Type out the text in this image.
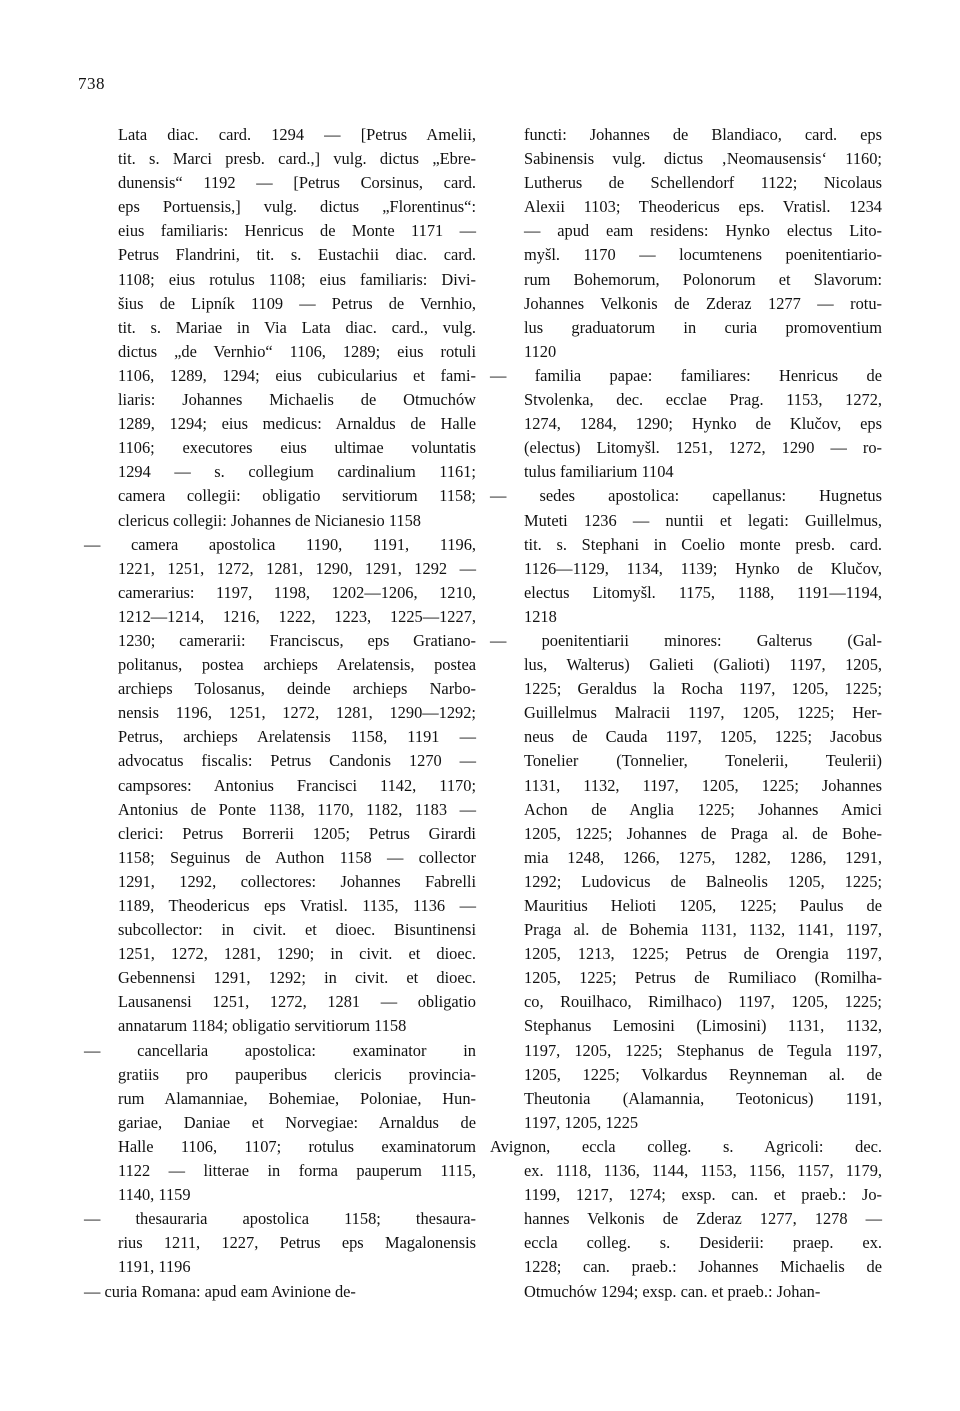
738
Lata diac. card. 1294 — [Petrus Amelii,
tit. s. Marci presb. card.,] vulg. dictus „Ebre-
dunensis“ 1192 — [Petrus Corsinus, card.
eps Portuensis,] vulg. dictus „Florentinus“:
eius familiaris: Henricus de Monte 1171 —
Petrus Flandrini, tit. s. Eustachii diac. card.
1108; eius rotulus 1108; eius familiaris: Divi-
šius de Lipník 1109 — Petrus de Vernhio,
tit. s. Mariae in Via Lata diac. card., vulg.
dictus „de Vernhio“ 1106, 1289; eius rotuli
1106, 1289, 1294; eius cubicularius et fami-
liaris: Johannes Michaelis de Otmuchów
1289, 1294; eius medicus: Arnaldus de Halle
1106; executores eius ultimae voluntatis
1294 — s. collegium cardinalium 1161;
camera collegii: obligatio servitiorum 1158;
clericus collegii: Johannes de Nicianesio 1158
— camera apostolica 1190, 1191, 1196,
1221, 1251, 1272, 1281, 1290, 1291, 1292 —
camerarius: 1197, 1198, 1202—1206, 1210,
1212—1214, 1216, 1222, 1223, 1225—1227,
1230; camerarii: Franciscus, eps Gratiano-
politanus, postea archieps Arelatensis, postea
archieps Tolosanus, deinde archieps Narbo-
nensis 1196, 1251, 1272, 1281, 1290—1292;
Petrus, archieps Arelatensis 1158, 1191 —
advocatus fiscalis: Petrus Candonis 1270 —
campsores: Antonius Francisci 1142, 1170;
Antonius de Ponte 1138, 1170, 1182, 1183 —
clerici: Petrus Borrerii 1205; Petrus Girardi
1158; Seguinus de Authon 1158 — collector
1291, 1292, collectores: Johannes Fabrelli
1189, Theodericus eps Vratisl. 1135, 1136 —
subcollector: in civit. et dioec. Bisuntinensi
1251, 1272, 1281, 1290; in civit. et dioec.
Gebennensi 1291, 1292; in civit. et dioec.
Lausanensi 1251, 1272, 1281 — obligatio
annatarum 1184; obligatio servitiorum 1158
— cancellaria apostolica: examinator in
gratiis pro pauperibus clericis provincia-
rum Alamanniae, Bohemiae, Poloniae, Hun-
gariae, Daniae et Norvegiae: Arnaldus de
Halle 1106, 1107; rotulus examinatorum
1122 — litterae in forma pauperum 1115,
1140, 1159
— thesauraria apostolica 1158; thesaura-
rius 1211, 1227, Petrus eps Magalonensis
1191, 1196
— curia Romana: apud eam Avinione de-
functi: Johannes de Blandiaco, card. eps
Sabinensis vulg. dictus ‚Neomausensis‘ 1160;
Lutherus de Schellendorf 1122; Nicolaus
Alexii 1103; Theodericus eps. Vratisl. 1234
— apud eam residens: Hynko electus Lito-
myšl. 1170 — locumtenens poenitentiario-
rum Bohemorum, Polonorum et Slavorum:
Johannes Velkonis de Zderaz 1277 — rotu-
lus graduatorum in curia promoventium
1120
— familia papae: familiares: Henricus de
Stvolenka, dec. ecclae Prag. 1153, 1272,
1274, 1284, 1290; Hynko de Klučov, eps
(electus) Litomyšl. 1251, 1272, 1290 — ro-
tulus familiarium 1104
— sedes apostolica: capellanus: Hugnetus
Muteti 1236 — nuntii et legati: Guillelmus,
tit. s. Stephani in Coelio monte presb. card.
1126—1129, 1134, 1139; Hynko de Klučov,
electus Litomyšl. 1175, 1188, 1191—1194,
1218
— poenitentiarii minores: Galterus (Gal-
lus, Walterus) Galieti (Galioti) 1197, 1205,
1225; Geraldus la Rocha 1197, 1205, 1225;
Guillelmus Malracii 1197, 1205, 1225; Her-
neus de Cauda 1197, 1205, 1225; Jacobus
Tonelier (Tonnelier, Tonelerii, Teulerii)
1131, 1132, 1197, 1205, 1225; Johannes
Achon de Anglia 1225; Johannes Amici
1205, 1225; Johannes de Praga al. de Bohe-
mia 1248, 1266, 1275, 1282, 1286, 1291,
1292; Ludovicus de Balneolis 1205, 1225;
Mauritius Helioti 1205, 1225; Paulus de
Praga al. de Bohemia 1131, 1132, 1141, 1197,
1205, 1213, 1225; Petrus de Orengia 1197,
1205, 1225; Petrus de Rumiliaco (Romilha-
co, Rouilhaco, Rimilhaco) 1197, 1205, 1225;
Stephanus Lemosini (Limosini) 1131, 1132,
1197, 1205, 1225; Stephanus de Tegula 1197,
1205, 1225; Volkardus Reynneman al. de
Theutonia (Alamannia, Teotonicus) 1191,
1197, 1205, 1225
Avignon, eccla colleg. s. Agricoli: dec.
ex. 1118, 1136, 1144, 1153, 1156, 1157, 1179,
1199, 1217, 1274; exsp. can. et praeb.: Jo-
hannes Velkonis de Zderaz 1277, 1278 —
eccla colleg. s. Desiderii: praep. ex.
1228; can. praeb.: Johannes Michaelis de
Otmuchów 1294; exsp. can. et praeb.: Johan-
